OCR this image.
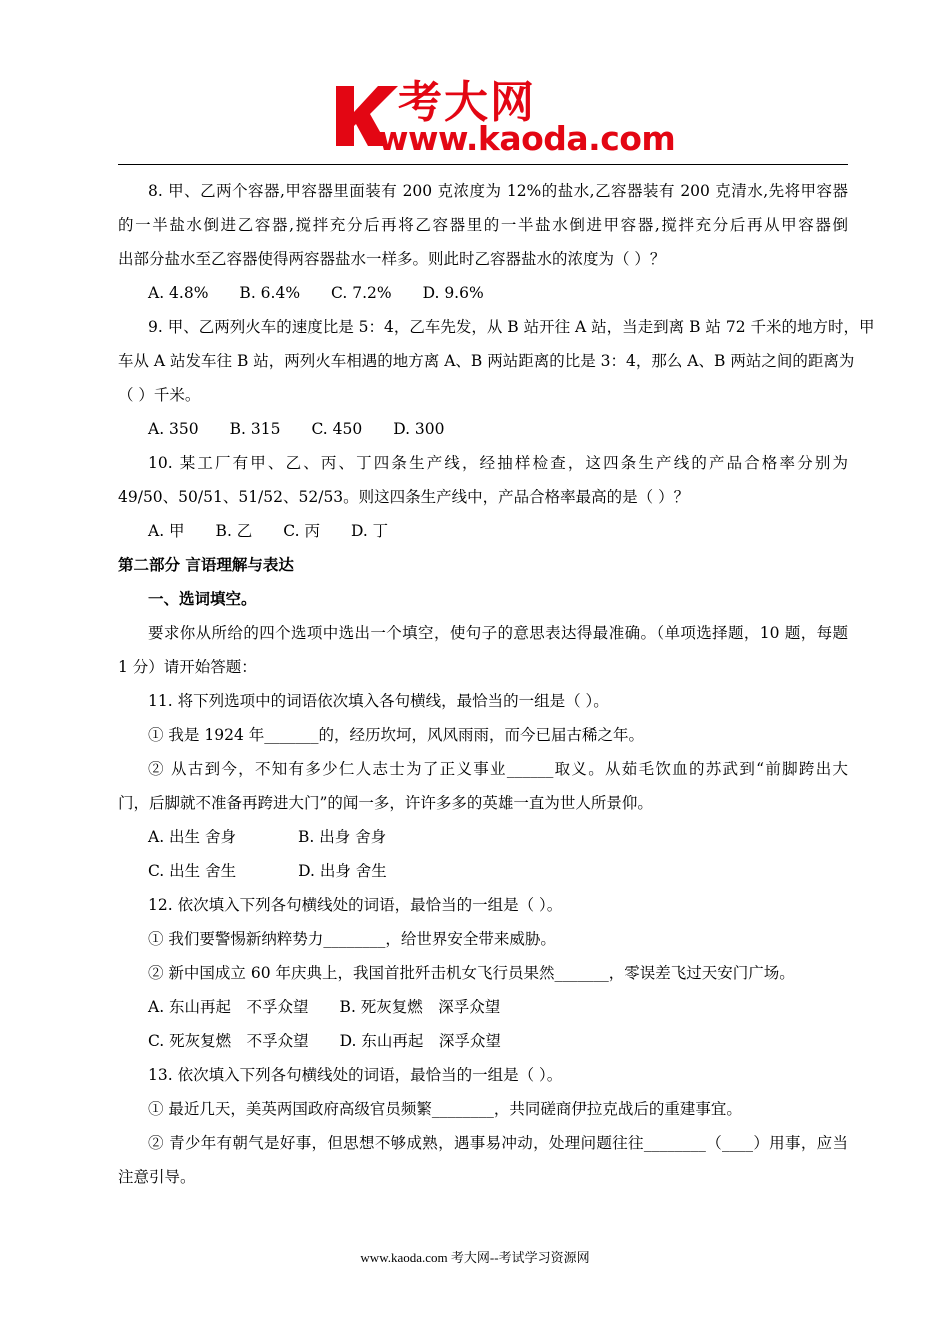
考大网
www.kaoda.com
8. 甲、乙两个容器,甲容器里面装有 200 克浓度为 12%的盐水,乙容器装有 200 克清水,先将甲容器
的一半盐水倒进乙容器,搅拌充分后再将乙容器里的一半盐水倒进甲容器,搅拌充分后再从甲容器倒
出部分盐水至乙容器使得两容器盐水一样多。则此时乙容器盐水的浓度为（ ）？
A. 4.8%　　B. 6.4%　　C. 7.2%　　D. 9.6%
9. 甲、乙两列火车的速度比是 5：4，乙车先发，从 B 站开往 A 站，当走到离 B 站 72 千米的地方时，甲
车从 A 站发车往 B 站，两列火车相遇的地方离 A、B 两站距离的比是 3：4，那么 A、B 两站之间的距离为
（ ）千米。
A. 350　　B. 315　　C. 450　　D. 300
10. 某工厂有甲、乙、丙、丁四条生产线，经抽样检查，这四条生产线的产品合格率分别为
49/50、50/51、51/52、52/53。则这四条生产线中，产品合格率最高的是（ ）？
A. 甲　　B. 乙　　C. 丙　　D. 丁
第二部分 言语理解与表达
一、选词填空。
要求你从所给的四个选项中选出一个填空，使句子的意思表达得最准确。（单项选择题，10 题，每题
1 分）请开始答题：
11. 将下列选项中的词语依次填入各句横线，最恰当的一组是（ ）。
① 我是 1924 年_______的，经历坎坷，风风雨雨，而今已届古稀之年。
② 从古到今，不知有多少仁人志士为了正义事业______取义。从茹毛饮血的苏武到“前脚跨出大
门，后脚就不准备再跨进大门”的闻一多，许许多多的英雄一直为世人所景仰。
A. 出生 舍身　　　　B. 出身 舍身
C. 出生 舍生　　　　D. 出身 舍生
12. 依次填入下列各句横线处的词语，最恰当的一组是（ ）。
① 我们要警惕新纳粹势力________，给世界安全带来威胁。
② 新中国成立 60 年庆典上，我国首批歼击机女飞行员果然_______，零误差飞过天安门广场。
A. 东山再起　不孚众望　　B. 死灰复燃　深孚众望
C. 死灰复燃　不孚众望　　D. 东山再起　深孚众望
13. 依次填入下列各句横线处的词语，最恰当的一组是（ ）。
① 最近几天，美英两国政府高级官员频繁________，共同磋商伊拉克战后的重建事宜。
② 青少年有朝气是好事，但思想不够成熟，遇事易冲动，处理问题往往________（____）用事，应当
注意引导。
www.kaoda.com 考大网--考试学习资源网
